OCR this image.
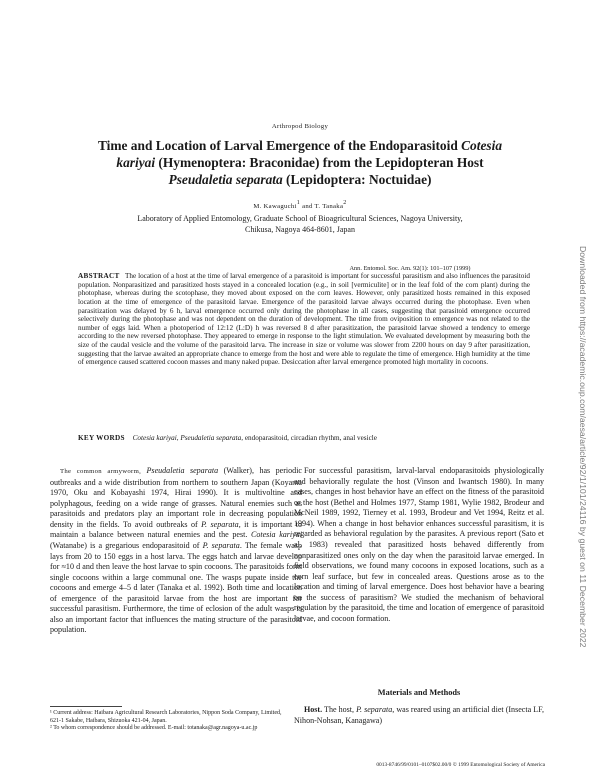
Arthropod Biology
Time and Location of Larval Emergence of the Endoparasitoid Cotesia
kariyai (Hymenoptera: Braconidae) from the Lepidopteran Host
Pseudaletia separata (Lepidoptera: Noctuidae)
M. Kawaguchi$^1$ and T. Tanaka$^2$
Laboratory of Applied Entomology, Graduate School of Bioagricultural Sciences, Nagoya University,
Chikusa, Nagoya 464-8601, Japan
Ann. Entomol. Soc. Am. 92(1): 101–107 (1999)
ABSTRACT The location of a host at the time of larval emergence of a parasitoid is important for successful parasitism and also influences the parasitoid population. Nonparasitized and parasitized hosts stayed in a concealed location (e.g., in soil [vermiculite] or in the leaf fold of the corn plant) during the photophase, whereas during the scotophase, they moved about exposed on the corn leaves. However, only parasitized hosts remained in this exposed location at the time of emergence of the parasitoid larvae. Emergence of the parasitoid larvae always occurred during the photophase. Even when parasitization was delayed by 6 h, larval emergence occurred only during the photophase in all cases, suggesting that parasitoid emergence occurred selectively during the photophase and was not dependent on the duration of development. The time from oviposition to emergence was not related to the number of eggs laid. When a photoperiod of 12:12 (L:D) h was reversed 8 d after parasitization, the parasitoid larvae showed a tendency to emerge according to the new reversed photophase. They appeared to emerge in response to the light stimulation. We evaluated development by measuring both the size of the caudal vesicle and the volume of the parasitoid larva. The increase in size or volume was slower from 2200 hours on day 9 after parasitization, suggesting that the larvae awaited an appropriate chance to emerge from the host and were able to regulate the time of emergence. High humidity at the time of emergence caused scattered cocoon masses and many naked pupae. Desiccation after larval emergence promoted high mortality in cocoons.
KEY WORDS Cotesia kariyai, Pseudaletia separata, endoparasitoid, circadian rhythm, anal vesicle

The common armyworm, Pseudaletia separata (Walker), has periodic outbreaks and a wide distribution from northern to southern Japan (Koyama 1970, Oku and Kobayashi 1974, Hirai 1990). It is multivoltine and polyphagous, feeding on a wide range of grasses. Natural enemies such as parasitoids and predators play an important role in decreasing population density in the fields. To avoid outbreaks of P. separata, it is important to maintain a balance between natural enemies and the pest. Cotesia kariyai (Watanabe) is a gregarious endoparasitoid of P. separata. The female wasp lays from 20 to 150 eggs in a host larva. The eggs hatch and larvae develop for ≈10 d and then leave the host larvae to spin cocoons. The parasitoids form single cocoons within a large communal one. The wasps pupate inside the cocoons and emerge 4–5 d later (Tanaka et al. 1992). Both time and location of emergence of the parasitoid larvae from the host are important for successful parasitism. Furthermore, the time of eclosion of the adult wasps is also an important factor that influences the mating structure of the parasitoid population.

For successful parasitism, larval-larval endoparasitoids physiologically and behaviorally regulate the host (Vinson and Iwantsch 1980). In many cases, changes in host behavior have an effect on the fitness of the parasitoid or the host (Bethel and Holmes 1977, Stamp 1981, Wylie 1982, Brodeur and McNeil 1989, 1992, Tierney et al. 1993, Brodeur and Vet 1994, Reitz et al. 1994). When a change in host behavior enhances successful parasitism, it is regarded as behavioral regulation by the parasites. A previous report (Sato et al. 1983) revealed that parasitized hosts behaved differently from nonparasitized ones only on the day when the parasitoid larvae emerged. In field observations, we found many cocoons in exposed locations, such as a corn leaf surface, but few in concealed areas. Questions arose as to the location and timing of larval emergence. Does host behavior have a bearing on the success of parasitism? We studied the mechanism of behavioral regulation by the parasitoid, the time and location of emergence of parasitoid larvae, and cocoon formation.

Materials and Methods

Host. The host, P. separata, was reared using an artificial diet (Insecta LF, Nihon-Nohsan, Kanagawa)

¹ Current address: Haibara Agricultural Research Laboratories, Nippon Soda Company, Limited, 621-1 Sakabe, Haibara, Shizuoka 421-04, Japan.

² To whom correspondence should be addressed. E-mail: totanaka@agr.nagoya-u.ac.jp

0013-8746/99/0101–0107$02.00/0 © 1999 Entomological Society of America
Downloaded from https://academic.oup.com/aesa/article/92/1/101/24116 by guest on 11 December 2022
